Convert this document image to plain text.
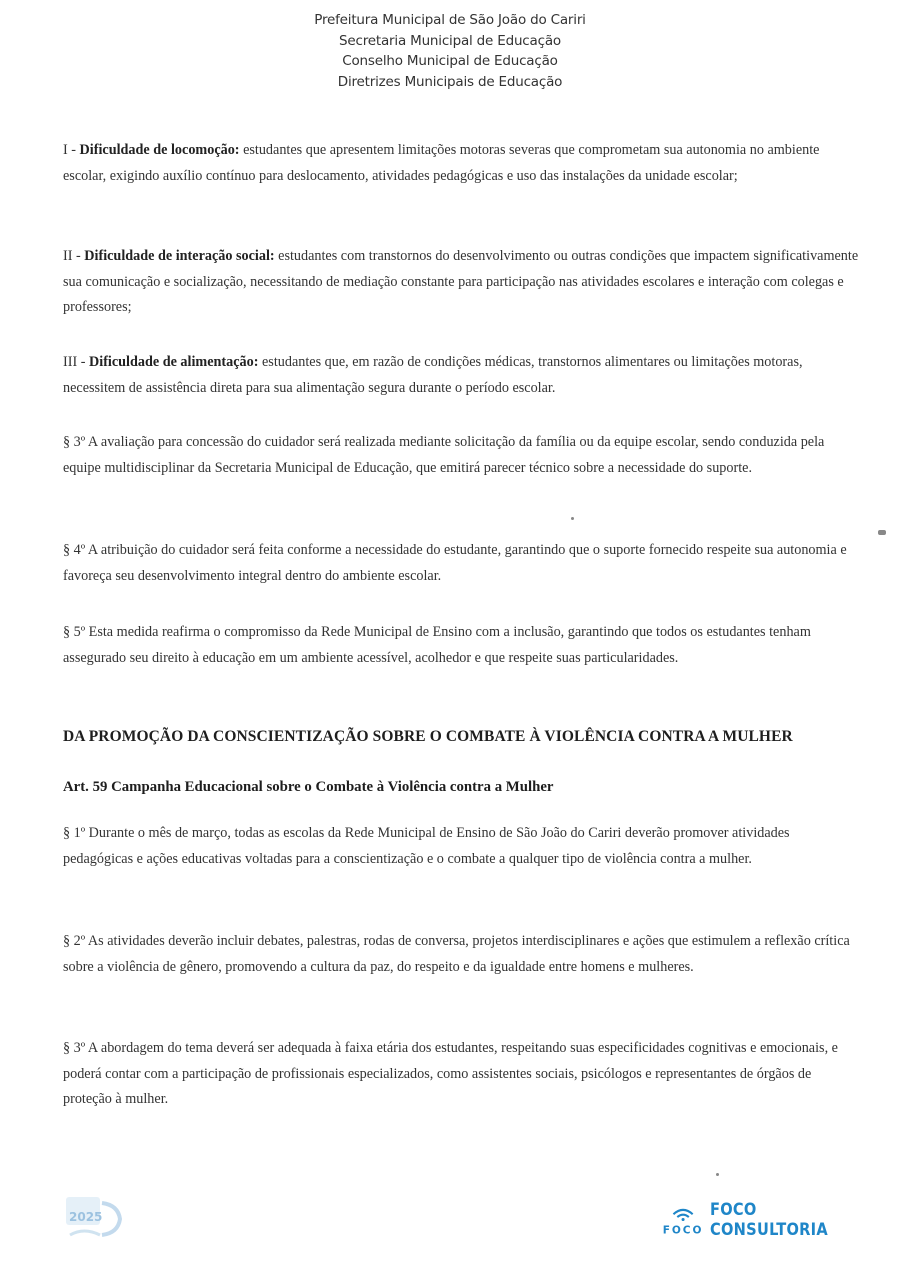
Prefeitura Municipal de São João do Cariri
Secretaria Municipal de Educação
Conselho Municipal de Educação
Diretrizes Municipais de Educação

I - Dificuldade de locomoção: estudantes que apresentem limitações motoras severas que comprometam sua autonomia no ambiente escolar, exigindo auxílio contínuo para deslocamento, atividades pedagógicas e uso das instalações da unidade escolar;

II - Dificuldade de interação social: estudantes com transtornos do desenvolvimento ou outras condições que impactem significativamente sua comunicação e socialização, necessitando de mediação constante para participação nas atividades escolares e interação com colegas e professores;

III - Dificuldade de alimentação: estudantes que, em razão de condições médicas, transtornos alimentares ou limitações motoras, necessitem de assistência direta para sua alimentação segura durante o período escolar.

§ 3º A avaliação para concessão do cuidador será realizada mediante solicitação da família ou da equipe escolar, sendo conduzida pela equipe multidisciplinar da Secretaria Municipal de Educação, que emitirá parecer técnico sobre a necessidade do suporte.

§ 4º A atribuição do cuidador será feita conforme a necessidade do estudante, garantindo que o suporte fornecido respeite sua autonomia e favoreça seu desenvolvimento integral dentro do ambiente escolar.

§ 5º Esta medida reafirma o compromisso da Rede Municipal de Ensino com a inclusão, garantindo que todos os estudantes tenham assegurado seu direito à educação em um ambiente acessível, acolhedor e que respeite suas particularidades.

DA PROMOÇÃO DA CONSCIENTIZAÇÃO SOBRE O COMBATE À VIOLÊNCIA CONTRA A MULHER
Art. 59 Campanha Educacional sobre o Combate à Violência contra a Mulher

§ 1º Durante o mês de março, todas as escolas da Rede Municipal de Ensino de São João do Cariri deverão promover atividades pedagógicas e ações educativas voltadas para a conscientização e o combate a qualquer tipo de violência contra a mulher.

§ 2º As atividades deverão incluir debates, palestras, rodas de conversa, projetos interdisciplinares e ações que estimulem a reflexão crítica sobre a violência de gênero, promovendo a cultura da paz, do respeito e da igualdade entre homens e mulheres.

§ 3º A abordagem do tema deverá ser adequada à faixa etária dos estudantes, respeitando suas especificidades cognitivas e emocionais, e poderá contar com a participação de profissionais especializados, como assistentes sociais, psicólogos e representantes de órgãos de proteção à mulher.

2025
FOCO
FOCO CONSULTORIA
